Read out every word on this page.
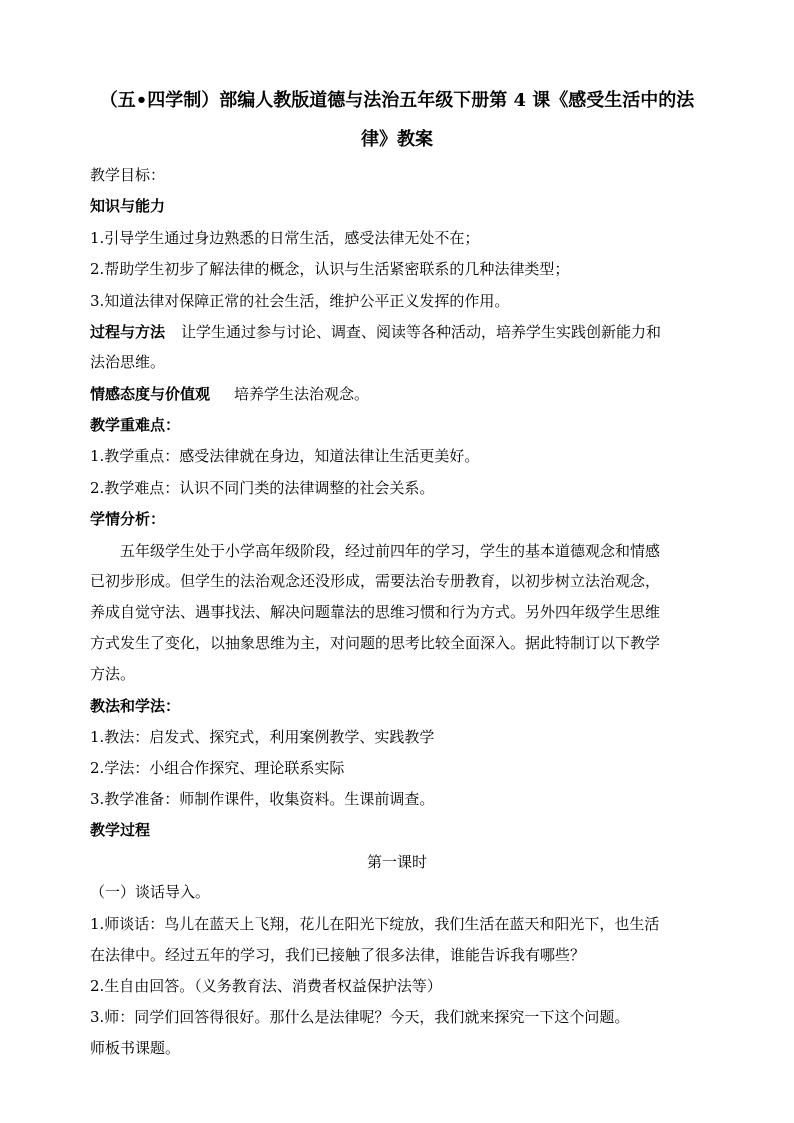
（五•四学制）部编人教版道德与法治五年级下册第 4 课《感受生活中的法
律》教案
教学目标：
知识与能力
1.引导学生通过身边熟悉的日常生活，感受法律无处不在；
2.帮助学生初步了解法律的概念，认识与生活紧密联系的几种法律类型；
3.知道法律对保障正常的社会生活，维护公平正义发挥的作用。
过程与方法 让学生通过参与讨论、调查、阅读等各种活动，培养学生实践创新能力和
法治思维。
情感态度与价值观 培养学生法治观念。
教学重难点：
1.教学重点：感受法律就在身边，知道法律让生活更美好。
2.教学难点：认识不同门类的法律调整的社会关系。
学情分析：
五年级学生处于小学高年级阶段，经过前四年的学习，学生的基本道德观念和情感
已初步形成。但学生的法治观念还没形成，需要法治专册教育，以初步树立法治观念，
养成自觉守法、遇事找法、解决问题靠法的思维习惯和行为方式。另外四年级学生思维
方式发生了变化，以抽象思维为主，对问题的思考比较全面深入。据此特制订以下教学
方法。
教法和学法：
1.教法：启发式、探究式，利用案例教学、实践教学
2.学法：小组合作探究、理论联系实际
3.教学准备：师制作课件，收集资料。生课前调查。
教学过程
第一课时
（一）谈话导入。
1.师谈话：鸟儿在蓝天上飞翔，花儿在阳光下绽放，我们生活在蓝天和阳光下，也生活
在法律中。经过五年的学习，我们已接触了很多法律，谁能告诉我有哪些？
2.生自由回答。（义务教育法、消费者权益保护法等）
3.师：同学们回答得很好。那什么是法律呢？今天，我们就来探究一下这个问题。
师板书课题。
